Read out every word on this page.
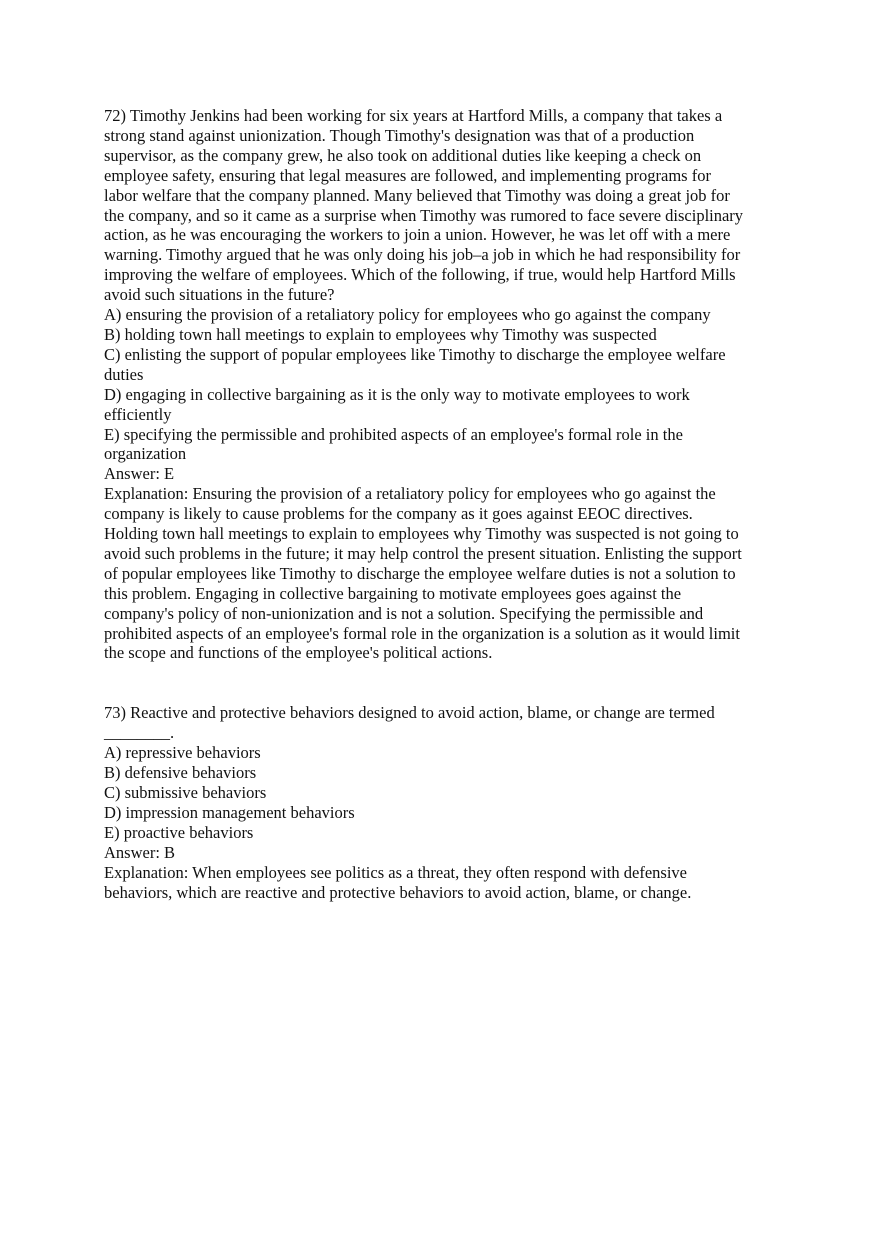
72) Timothy Jenkins had been working for six years at Hartford Mills, a company that takes a
strong stand against unionization. Though Timothy's designation was that of a production
supervisor, as the company grew, he also took on additional duties like keeping a check on
employee safety, ensuring that legal measures are followed, and implementing programs for
labor welfare that the company planned. Many believed that Timothy was doing a great job for
the company, and so it came as a surprise when Timothy was rumored to face severe disciplinary
action, as he was encouraging the workers to join a union. However, he was let off with a mere
warning. Timothy argued that he was only doing his job–a job in which he had responsibility for
improving the welfare of employees. Which of the following, if true, would help Hartford Mills
avoid such situations in the future?
A) ensuring the provision of a retaliatory policy for employees who go against the company
B) holding town hall meetings to explain to employees why Timothy was suspected
C) enlisting the support of popular employees like Timothy to discharge the employee welfare
duties
D) engaging in collective bargaining as it is the only way to motivate employees to work
efficiently
E) specifying the permissible and prohibited aspects of an employee's formal role in the
organization
Answer: E
Explanation: Ensuring the provision of a retaliatory policy for employees who go against the
company is likely to cause problems for the company as it goes against EEOC directives.
Holding town hall meetings to explain to employees why Timothy was suspected is not going to
avoid such problems in the future; it may help control the present situation. Enlisting the support
of popular employees like Timothy to discharge the employee welfare duties is not a solution to
this problem. Engaging in collective bargaining to motivate employees goes against the
company's policy of non-unionization and is not a solution. Specifying the permissible and
prohibited aspects of an employee's formal role in the organization is a solution as it would limit
the scope and functions of the employee's political actions.
73) Reactive and protective behaviors designed to avoid action, blame, or change are termed
________.
A) repressive behaviors
B) defensive behaviors
C) submissive behaviors
D) impression management behaviors
E) proactive behaviors
Answer: B
Explanation: When employees see politics as a threat, they often respond with defensive
behaviors, which are reactive and protective behaviors to avoid action, blame, or change.
